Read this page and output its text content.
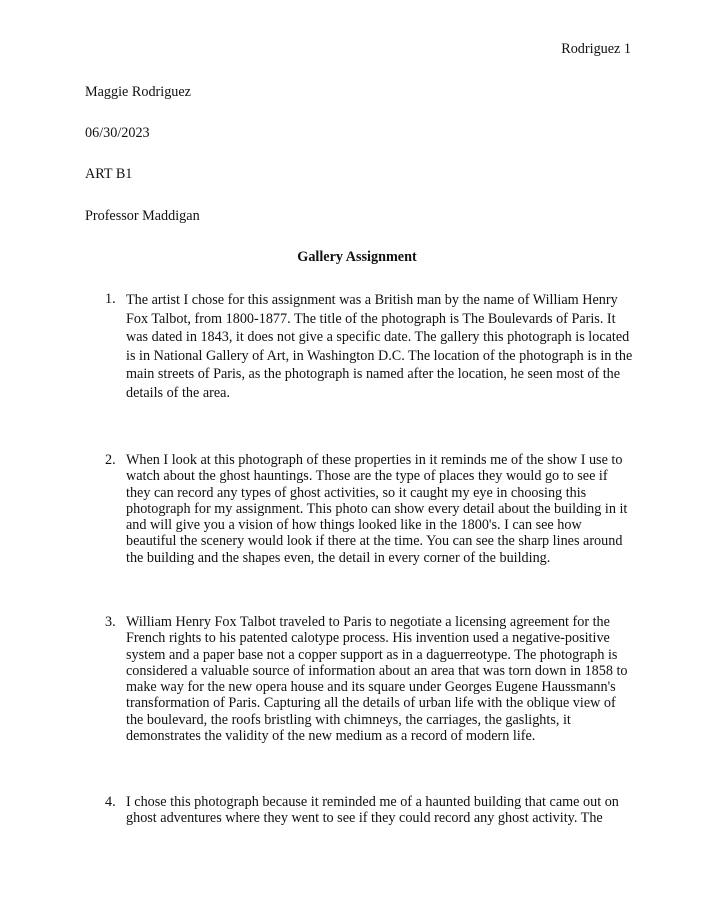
Rodriguez 1
Maggie Rodriguez
06/30/2023
ART B1
Professor Maddigan
Gallery Assignment
1. The artist I chose for this assignment was a British man by the name of William Henry Fox Talbot, from 1800-1877. The title of the photograph is The Boulevards of Paris. It was dated in 1843, it does not give a specific date. The gallery this photograph is located is in National Gallery of Art, in Washington D.C. The location of the photograph is in the main streets of Paris, as the photograph is named after the location, he seen most of the details of the area.
2. When I look at this photograph of these properties in it reminds me of the show I use to watch about the ghost hauntings. Those are the type of places they would go to see if they can record any types of ghost activities, so it caught my eye in choosing this photograph for my assignment. This photo can show every detail about the building in it and will give you a vision of how things looked like in the 1800's. I can see how beautiful the scenery would look if there at the time. You can see the sharp lines around the building and the shapes even, the detail in every corner of the building.
3. William Henry Fox Talbot traveled to Paris to negotiate a licensing agreement for the French rights to his patented calotype process. His invention used a negative-positive system and a paper base not a copper support as in a daguerreotype. The photograph is considered a valuable source of information about an area that was torn down in 1858 to make way for the new opera house and its square under Georges Eugene Haussmann's transformation of Paris. Capturing all the details of urban life with the oblique view of the boulevard, the roofs bristling with chimneys, the carriages, the gaslights, it demonstrates the validity of the new medium as a record of modern life.
4. I chose this photograph because it reminded me of a haunted building that came out on ghost adventures where they went to see if they could record any ghost activity. The
